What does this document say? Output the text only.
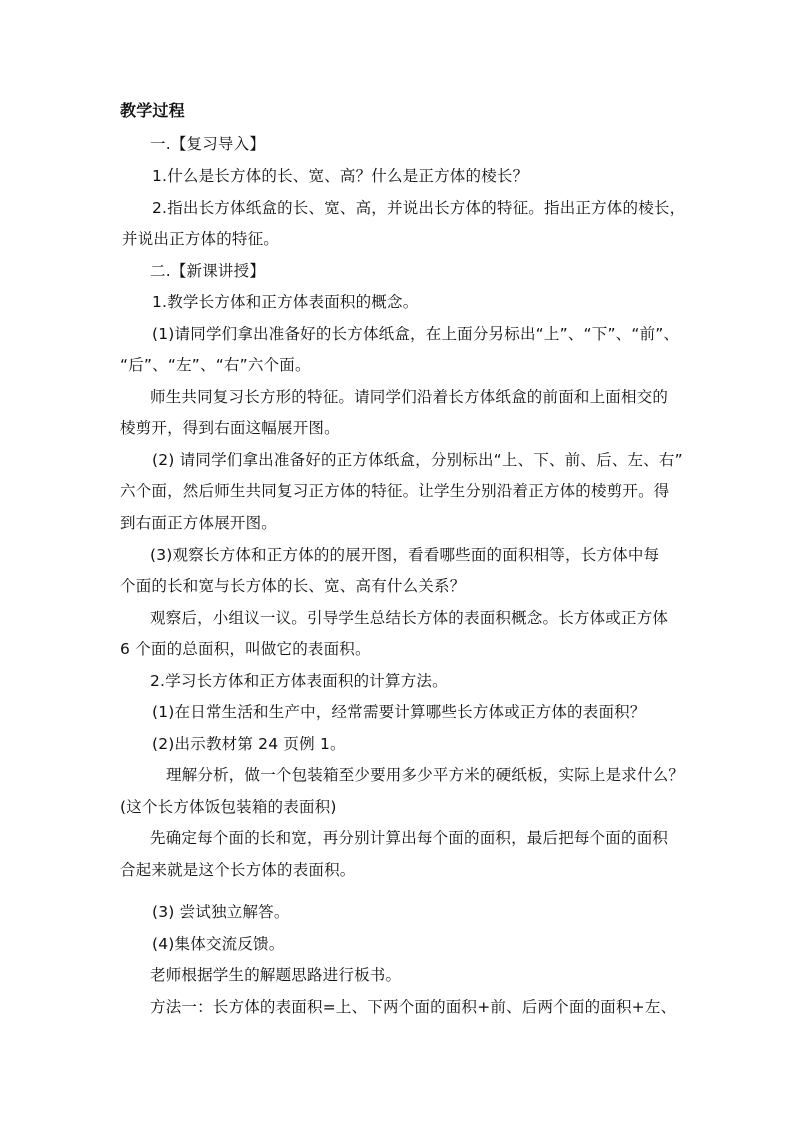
教学过程
一.【复习导入】
1.什么是长方体的长、宽、高？什么是正方体的棱长？
2.指出长方体纸盒的长、宽、高，并说出长方体的特征。指出正方体的棱长，
并说出正方体的特征。
二.【新课讲授】
1.教学长方体和正方体表面积的概念。
(1)请同学们拿出准备好的长方体纸盒，在上面分另标出“上”、“下”、“前”、
“后”、“左”、“右”六个面。
师生共同复习长方形的特征。请同学们沿着长方体纸盒的前面和上面相交的
棱剪开，得到右面这幅展开图。
(2) 请同学们拿出准备好的正方体纸盒，分别标出“上、下、前、后、左、右”
六个面，然后师生共同复习正方体的特征。让学生分别沿着正方体的棱剪开。得
到右面正方体展开图。
(3)观察长方体和正方体的的展开图，看看哪些面的面积相等，长方体中每
个面的长和宽与长方体的长、宽、高有什么关系？
观察后，小组议一议。引导学生总结长方体的表面积概念。长方体或正方体
6 个面的总面积，叫做它的表面积。
2.学习长方体和正方体表面积的计算方法。
(1)在日常生活和生产中，经常需要计算哪些长方体或正方体的表面积？
(2)出示教材第 24 页例 1。
理解分析，做一个包装箱至少要用多少平方米的硬纸板，实际上是求什么？
(这个长方体饭包装箱的表面积)
先确定每个面的长和宽，再分别计算出每个面的面积，最后把每个面的面积
合起来就是这个长方体的表面积。
(3) 尝试独立解答。
(4)集体交流反馈。
老师根据学生的解题思路进行板书。
方法一：长方体的表面积=上、下两个面的面积+前、后两个面的面积+左、
